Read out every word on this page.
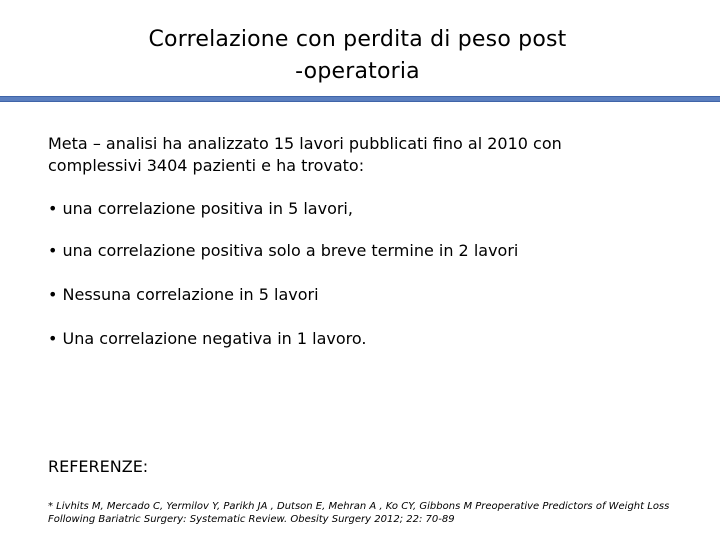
Correlazione con perdita di peso post
-operatoria
Meta – analisi ha analizzato 15 lavori pubblicati fino al 2010 con
complessivi 3404 pazienti e ha trovato:
• una correlazione positiva in 5 lavori,
• una correlazione positiva solo a breve termine in 2 lavori
• Nessuna correlazione in 5 lavori
• Una correlazione negativa in 1 lavoro.
REFERENZE:
* Livhits M, Mercado C, Yermilov Y, Parikh JA , Dutson E, Mehran A , Ko CY, Gibbons M Preoperative Predictors of Weight Loss
Following Bariatric Surgery: Systematic Review. Obesity Surgery 2012; 22: 70-89
